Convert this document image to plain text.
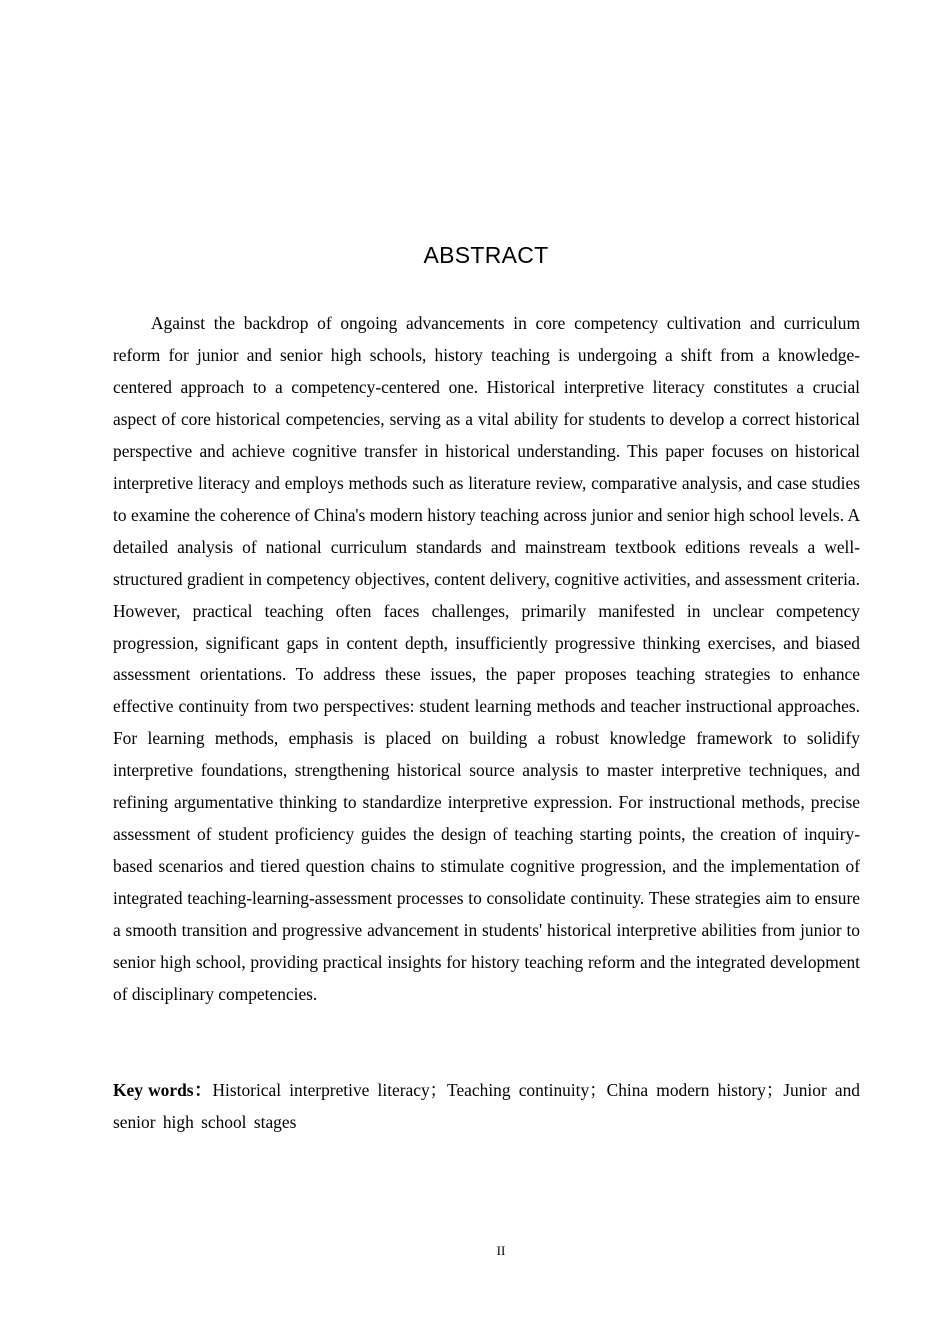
ABSTRACT

Against the backdrop of ongoing advancements in core competency cultivation and curriculum reform for junior and senior high schools, history teaching is undergoing a shift from a knowledge-centered approach to a competency-centered one. Historical interpretive literacy constitutes a crucial aspect of core historical competencies, serving as a vital ability for students to develop a correct historical perspective and achieve cognitive transfer in historical understanding. This paper focuses on historical interpretive literacy and employs methods such as literature review, comparative analysis, and case studies to examine the coherence of China's modern history teaching across junior and senior high school levels. A detailed analysis of national curriculum standards and mainstream textbook editions reveals a well-structured gradient in competency objectives, content delivery, cognitive activities, and assessment criteria. However, practical teaching often faces challenges, primarily manifested in unclear competency progression, significant gaps in content depth, insufficiently progressive thinking exercises, and biased assessment orientations. To address these issues, the paper proposes teaching strategies to enhance effective continuity from two perspectives: student learning methods and teacher instructional approaches. For learning methods, emphasis is placed on building a robust knowledge framework to solidify interpretive foundations, strengthening historical source analysis to master interpretive techniques, and refining argumentative thinking to standardize interpretive expression. For instructional methods, precise assessment of student proficiency guides the design of teaching starting points, the creation of inquiry-based scenarios and tiered question chains to stimulate cognitive progression, and the implementation of integrated teaching-learning-assessment processes to consolidate continuity. These strategies aim to ensure a smooth transition and progressive advancement in students' historical interpretive abilities from junior to senior high school, providing practical insights for history teaching reform and the integrated development of disciplinary competencies.

Key words：Historical interpretive literacy；Teaching continuity；China modern history；Junior and senior high school stages

II
